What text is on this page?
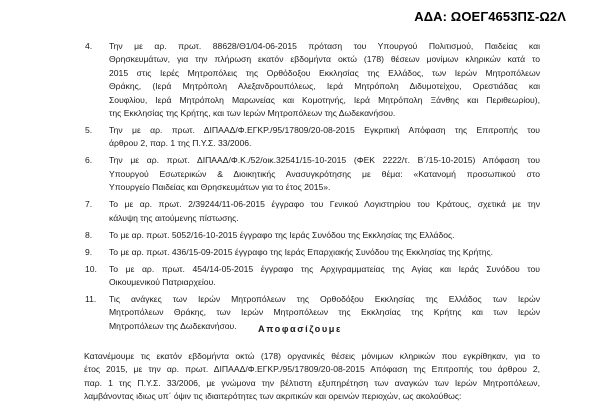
ΑΔΑ: ΩΟΕΓ4653ΠΣ-Ω2Λ
4. Την με αρ. πρωτ. 88628/Θ1/04-06-2015 πρόταση του Υπουργού Πολιτισμού, Παιδείας και
Θρησκευμάτων, για την πλήρωση εκατόν εβδομήντα οκτώ (178) θέσεων μονίμων κληρικών κατά το
2015 στις Ιερές Μητροπόλεις της Ορθόδοξου Εκκλησίας της Ελλάδος, των Ιερών Μητροπόλεων
Θράκης, (Ιερά Μητρόπολη Αλεξανδρουπόλεως, Ιερά Μητρόπολη Διδυμοτείχου, Ορεστιάδας και
Σουφλίου, Ιερά Μητρόπολη Μαρωνείας και Κομοτηνής, Ιερά Μητρόπολη Ξάνθης και Περιθεωρίου),
της Εκκλησίας της Κρήτης, και των Ιερών Μητροπόλεων της Δωδεκανήσου.
5. Την με αρ. πρωτ. ΔΙΠΑΑΔ/Φ.ΕΓΚΡ./95/17809/20-08-2015 Εγκριτική Απόφαση της Επιτροπής του
άρθρου 2, παρ. 1 της Π.Υ.Σ. 33/2006.
6. Την με αρ. πρωτ. ΔΙΠΑΑΔ/Φ.Κ./52/οικ.32541/15-10-2015 (ΦΕΚ 2222/τ. Β΄/15-10-2015) Απόφαση του
Υπουργού Εσωτερικών & Διοικητικής Ανασυγκρότησης με θέμα: «Κατανομή προσωπικού στο
Υπουργείο Παιδείας και Θρησκευμάτων για το έτος 2015».
7. Το με αρ. πρωτ. 2/39244/11-06-2015 έγγραφο του Γενικού Λογιστηρίου του Κράτους, σχετικά με την
κάλυψη της αιτούμενης πίστωσης.
8. Το με αρ. πρωτ. 5052/16-10-2015 έγγραφο της Ιεράς Συνόδου της Εκκλησίας της Ελλάδος.
9. Το με αρ. πρωτ. 436/15-09-2015 έγγραφο της Ιεράς Επαρχιακής Συνόδου της Εκκλησίας της Κρήτης.
10. Το με αρ. πρωτ. 454/14-05-2015 έγγραφο της Αρχιγραμματείας της Αγίας και Ιεράς Συνόδου του
Οικουμενικού Πατριαρχείου.
11. Τις ανάγκες των Ιερών Μητροπόλεων της Ορθοδόξου Εκκλησίας της Ελλάδος των Ιερών
Μητροπόλεων Θράκης, των Ιερών Μητροπόλεων της Εκκλησίας της Κρήτης και των Ιερών
Μητροπόλεων της Δωδεκανήσου.	Αποφασίζουμε
Κατανέμουμε τις εκατόν εβδομήντα οκτώ (178) οργανικές θέσεις μόνιμων κληρικών που εγκρίθηκαν, για το
έτος 2015, με την αρ. πρωτ. ΔΙΠΑΑΔ/Φ.ΕΓΚΡ./95/17809/20-08-2015 Απόφαση της Επιτροπής του άρθρου 2,
παρ. 1 της Π.Υ.Σ. 33/2006, με γνώμονα την βέλτιστη εξυπηρέτηση των αναγκών των Ιερών Μητροπόλεων,
λαμβάνοντας ιδιως υπ΄ όψιν τις ιδιαιτερότητες των ακριτικών και ορεινών περιοχών, ως ακολούθως:
